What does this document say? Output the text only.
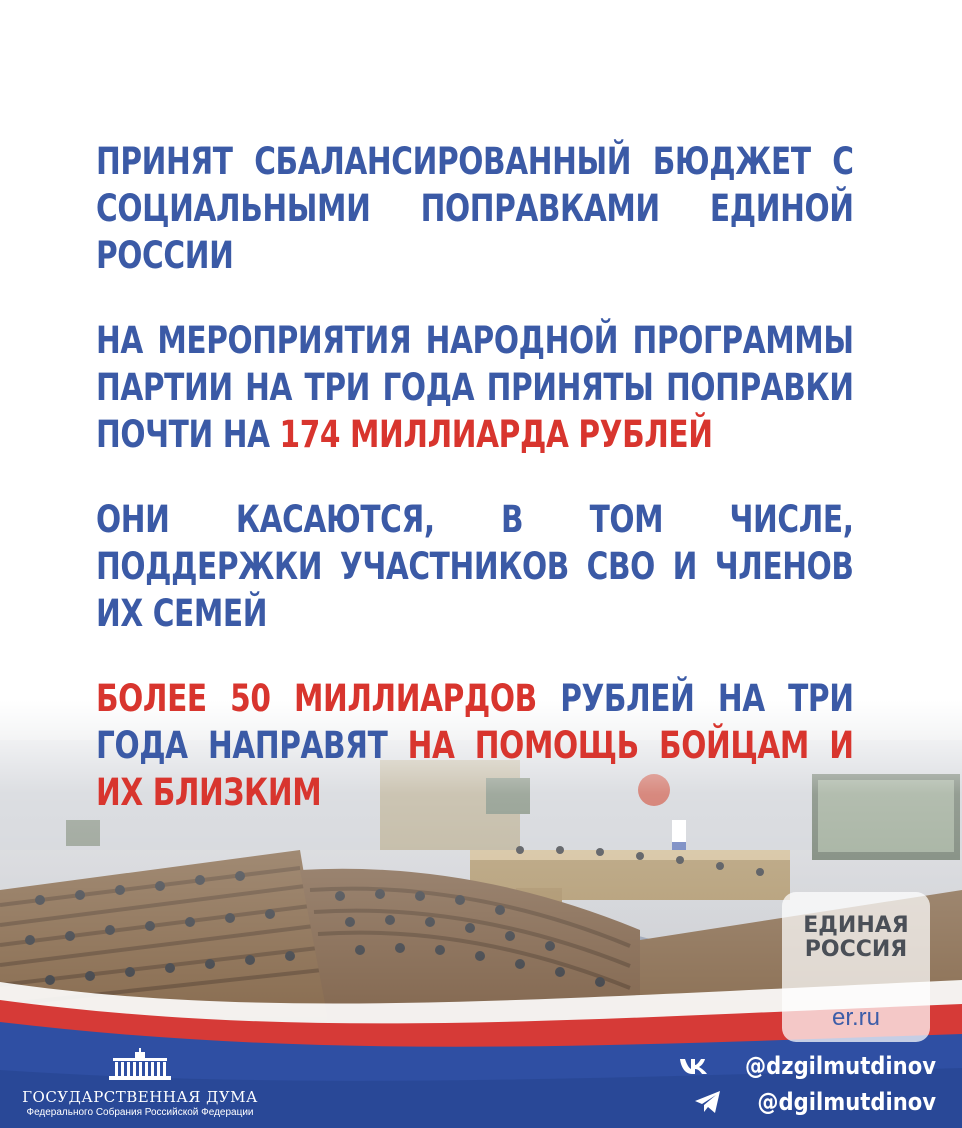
ПРИНЯТ СБАЛАНСИРОВАННЫЙ БЮДЖЕТ С СОЦИАЛЬНЫМИ ПОПРАВКАМИ ЕДИНОЙ РОССИИ

НА МЕРОПРИЯТИЯ НАРОДНОЙ ПРОГРАММЫ ПАРТИИ НА ТРИ ГОДА ПРИНЯТЫ ПОПРАВКИ ПОЧТИ НА 174 МИЛЛИАРДА РУБЛЕЙ

ОНИ КАСАЮТСЯ, В ТОМ ЧИСЛЕ, ПОДДЕРЖКИ УЧАСТНИКОВ СВО И ЧЛЕНОВ ИХ СЕМЕЙ

БОЛЕЕ 50 МИЛЛИАРДОВ РУБЛЕЙ НА ТРИ ГОДА НАПРАВЯТ НА ПОМОЩЬ БОЙЦАМ И ИХ БЛИЗКИМ

ЕДИНАЯ
РОССИЯ
er.ru
ГОСУДАРСТВЕННАЯ ДУМА
Федерального Собрания Российской Федерации
@dzgilmutdinov
@dgilmutdinov
